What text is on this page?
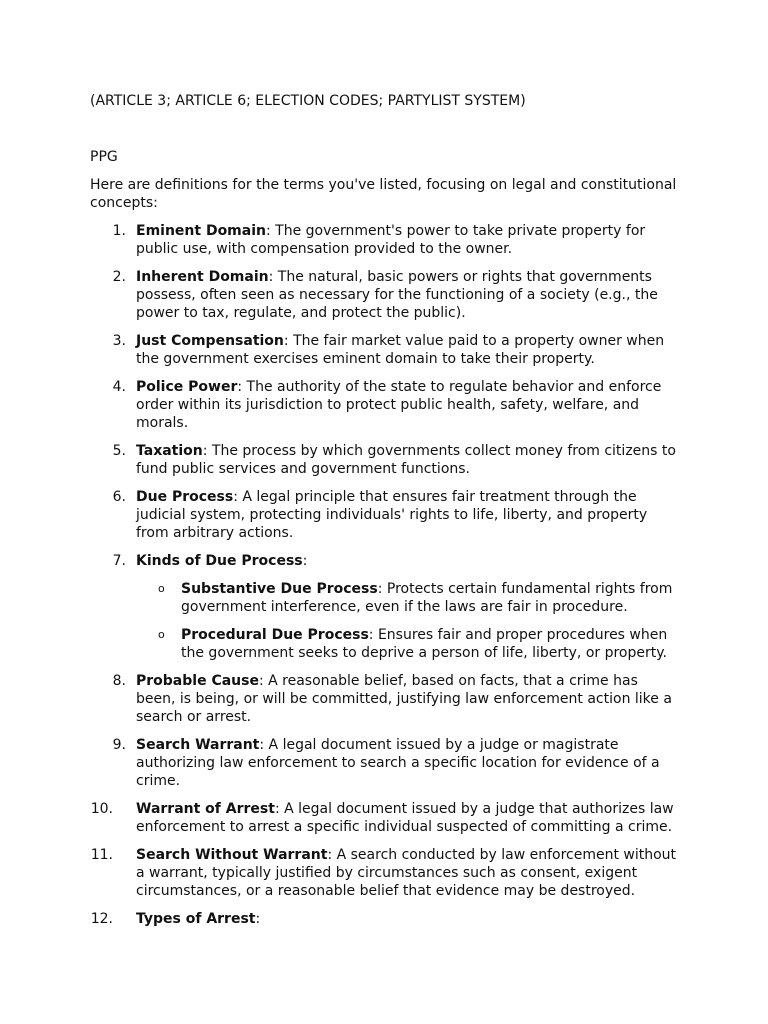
(ARTICLE 3; ARTICLE 6; ELECTION CODES; PARTYLIST SYSTEM)
PPG
Here are definitions for the terms you've listed, focusing on legal and constitutional concepts:
1. Eminent Domain: The government's power to take private property for public use, with compensation provided to the owner.
2. Inherent Domain: The natural, basic powers or rights that governments possess, often seen as necessary for the functioning of a society (e.g., the power to tax, regulate, and protect the public).
3. Just Compensation: The fair market value paid to a property owner when the government exercises eminent domain to take their property.
4. Police Power: The authority of the state to regulate behavior and enforce order within its jurisdiction to protect public health, safety, welfare, and morals.
5. Taxation: The process by which governments collect money from citizens to fund public services and government functions.
6. Due Process: A legal principle that ensures fair treatment through the judicial system, protecting individuals' rights to life, liberty, and property from arbitrary actions.
7. Kinds of Due Process:
o Substantive Due Process: Protects certain fundamental rights from government interference, even if the laws are fair in procedure.
o Procedural Due Process: Ensures fair and proper procedures when the government seeks to deprive a person of life, liberty, or property.
8. Probable Cause: A reasonable belief, based on facts, that a crime has been, is being, or will be committed, justifying law enforcement action like a search or arrest.
9. Search Warrant: A legal document issued by a judge or magistrate authorizing law enforcement to search a specific location for evidence of a crime.
10. Warrant of Arrest: A legal document issued by a judge that authorizes law enforcement to arrest a specific individual suspected of committing a crime.
11. Search Without Warrant: A search conducted by law enforcement without a warrant, typically justified by circumstances such as consent, exigent circumstances, or a reasonable belief that evidence may be destroyed.
12. Types of Arrest:
